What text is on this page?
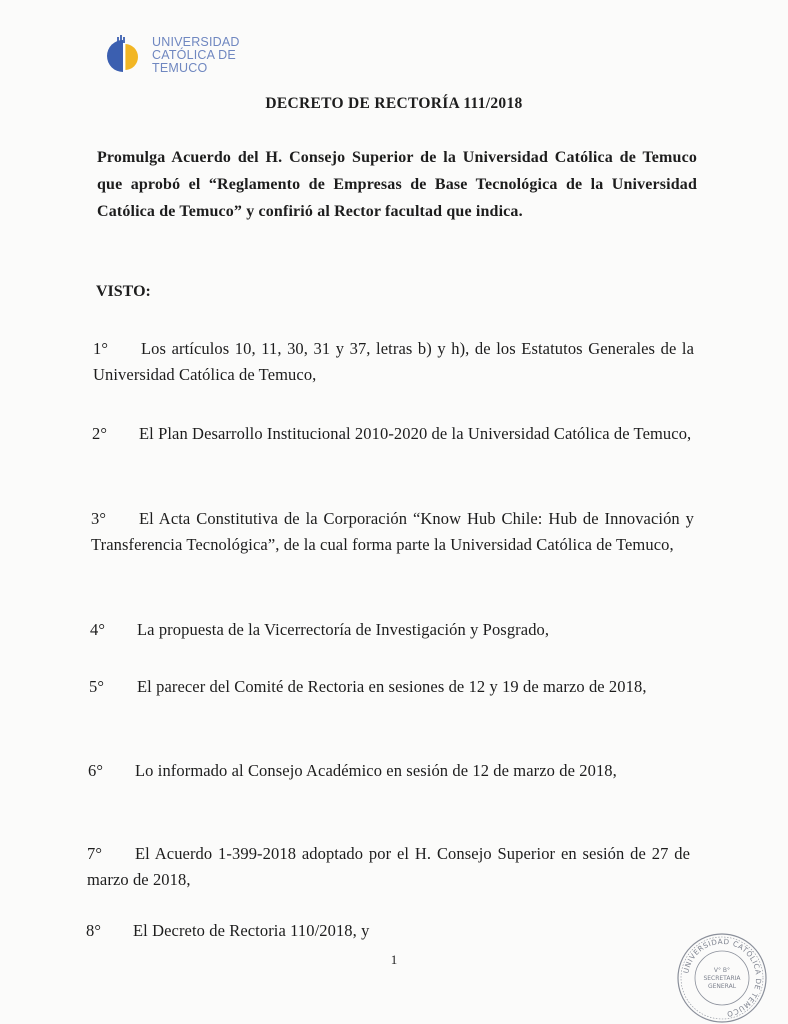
UNIVERSIDAD
CATÓLICA DE
TEMUCO
DECRETO DE RECTORÍA 111/2018
Promulga Acuerdo del H. Consejo Superior de la Universidad Católica de Temuco que aprobó el “Reglamento de Empresas de Base Tecnológica de la Universidad Católica de Temuco” y confirió al Rector facultad que indica.
VISTO:
1° Los artículos 10, 11, 30, 31 y 37, letras b) y h), de los Estatutos Generales de la Universidad Católica de Temuco,
2° El Plan Desarrollo Institucional 2010-2020 de la Universidad Católica de Temuco,
3° El Acta Constitutiva de la Corporación “Know Hub Chile: Hub de Innovación y Transferencia Tecnológica”, de la cual forma parte la Universidad Católica de Temuco,
4° La propuesta de la Vicerrectoría de Investigación y Posgrado,
5° El parecer del Comité de Rectoria en sesiones de 12 y 19 de marzo de 2018,
6° Lo informado al Consejo Académico en sesión de 12 de marzo de 2018,
7° El Acuerdo 1-399-2018 adoptado por el H. Consejo Superior en sesión de 27 de marzo de 2018,
8° El Decreto de Rectoria 110/2018, y
1
UNIVERSIDAD CATÓLICA DE TEMUCO
V° B°
SECRETARIA
GENERAL
